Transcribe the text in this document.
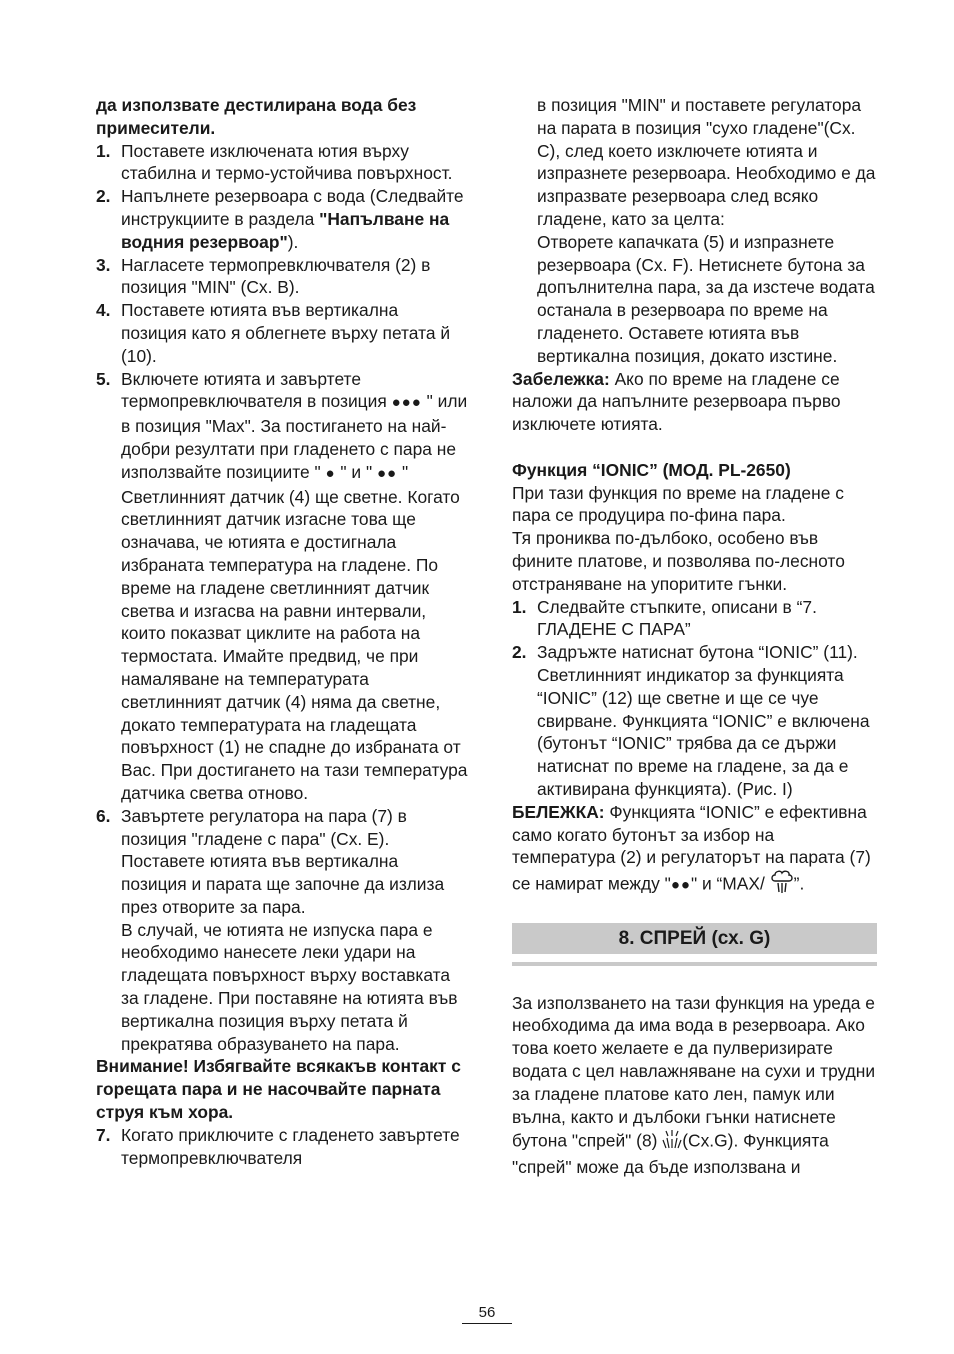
да използвате дестилирана вода без примесители.

1. Поставете изключената ютия върху стабилна и термо-устойчива повърхност.
2. Напълнете резервоара с вода (Следвайте инструкциите в раздела "Напълване на водния резервоар").
3. Нагласете термопревключвателя (2) в позиция "MIN" (Сх. В).
4. Поставете ютията във вертикална позиция като я облегнете върху петата й (10).
5. Включете ютията и завъртете термопревключвателя в позиция ●●● " или в позиция "Max". За постигането на най-добри резултати при гладенето с пара не използвайте позициите " ● " и " ●● " Светлинният датчик (4) ще светне. Когато светлинният датчик изгасне това ще означава, че ютията е достигнала избраната температура на гладене. По време на гладене светлинният датчик светва и изгасва на равни интервали, които показват циклите на работа на термостата. Имайте предвид, че при намаляване на температурата светлинният датчик (4) няма да светне, докато температурата на гладещата повърхност (1) не спадне до избраната от Вас. При достигането на тази температура датчика светва отново.
6. Завъртете регулатора на пара (7) в позиция "гладене с пара" (Сх. Е). Поставете ютията във вертикална позиция и парата ще започне да излиза през отворите за пара.
В случай, че ютията не изпуска пара е необходимо нанесете леки удари на гладещата повърхност върху воставката за гладене. При поставяне на ютията във вертикална позиция върху петата й прекратява образуването на пара.

Внимание! Избягвайте всякакъв контакт с горещата пара и не насочвайте парната струя към хора.

7. Когато приключите с гладенето завъртете термопревключвателя
в позиция "MIN" и поставете регулатора на парата в позиция "сухо гладене"(Сх. С), след което изключете ютията и изпразнете резервоара. Необходимо е да изпразвате резервоара след всяко гладене, като за целта:
Отворете капачката (5) и изпразнете резервоара (Сх. F). Нетиснете бутона за допълнителна пара, за да изстече водата останала в резервоара по време на гладенето. Оставете ютията във вертикална позиция, докато изстине.

Забележка: Ако по време на гладене се наложи да напълните резервоара първо изключете ютията.

Функция “IONIC” (МОД. PL-2650)

При тази функция по време на гладене с пара се продуцира по-фина пара.

Тя прониква по-дълбоко, особено във фините платове, и позволява по-лесното отстраняване на упоритите гънки.

1. Следвайте стъпките, описани в “7. ГЛАДЕНЕ С ПАРА”
2. Задръжте натиснат бутона “IONIC” (11). Светлинният индикатор за функцията “IONIC” (12) ще светне и ще се чуе свирване. Функцията “IONIC” е включена (бутонът “IONIC” трябва да се държи натиснат по време на гладене, за да е активирана функцията). (Рис. I)

БЕЛЕЖКА: Функцията “IONIC” е ефективна само когато бутонът за избор на температура (2) и регулаторът на парата (7) се намират между "●●" и “MAX/ ”.

8. СПРЕЙ (сх. G)

За използването на тази функция на уреда е необходима да има вода в резервоара. Ако това което желаете е да пулверизирате водата с цел навлажняване на сухи и трудни за гладене платове като лен, памук или вълна, както и дълбоки гънки натиснете бутона "спрей" (8) (Сх.G). Функцията "спрей" може да бъде използвана и

56
